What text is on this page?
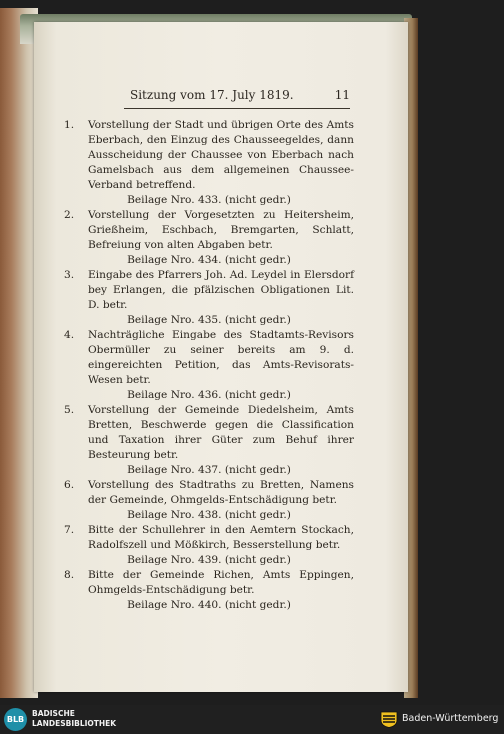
Sitzung vom 17. July 1819.	11

1. Vorstellung der Stadt und übrigen Orte des Amts Eberbach, den Einzug des Chausseegeldes, dann Ausscheidung der Chaussee von Eberbach nach Gamelsbach aus dem allgemeinen Chaussee-Verband betreffend.

Beilage Nro. 433. (nicht gedr.)

2. Vorstellung der Vorgesetzten zu Heitersheim, Grießheim, Eschbach, Bremgarten, Schlatt, Befreiung von alten Abgaben betr.

Beilage Nro. 434. (nicht gedr.)

3. Eingabe des Pfarrers Joh. Ad. Leydel in Elersdorf bey Erlangen, die pfälzischen Obligationen Lit. D. betr.

Beilage Nro. 435. (nicht gedr.)

4. Nachträgliche Eingabe des Stadtamts-Revisors Obermüller zu seiner bereits am 9. d. eingereichten Petition, das Amts-Revisorats-Wesen betr.

Beilage Nro. 436. (nicht gedr.)

5. Vorstellung der Gemeinde Diedelsheim, Amts Bretten, Beschwerde gegen die Classification und Taxation ihrer Güter zum Behuf ihrer Besteurung betr.

Beilage Nro. 437. (nicht gedr.)

6. Vorstellung des Stadtraths zu Bretten, Namens der Gemeinde, Ohmgelds-Entschädigung betr.

Beilage Nro. 438. (nicht gedr.)

7. Bitte der Schullehrer in den Aemtern Stockach, Radolfszell und Mößkirch, Besserstellung betr.

Beilage Nro. 439. (nicht gedr.)

8. Bitte der Gemeinde Richen, Amts Eppingen, Ohmgelds-Entschädigung betr.

Beilage Nro. 440. (nicht gedr.)

BLB
BADISCHE
LANDESBIBLIOTHEK	Baden-Württemberg
